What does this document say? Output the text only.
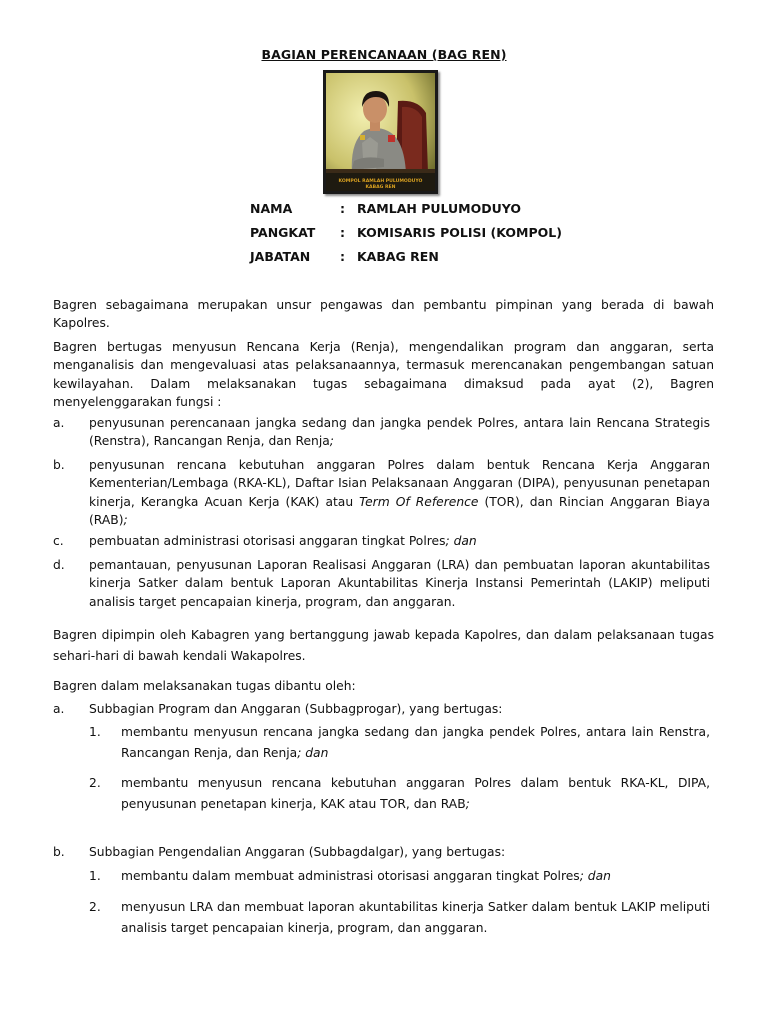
BAGIAN PERENCANAAN (BAG REN)
KOMPOL RAMLAH PULUMODUYO
KABAG REN
NAMA	: RAMLAH PULUMODUYO
PANGKAT	: KOMISARIS POLISI (KOMPOL)
JABATAN	: KABAG REN
Bagren sebagaimana merupakan unsur pengawas dan pembantu pimpinan yang berada di bawah Kapolres.
Bagren bertugas menyusun Rencana Kerja (Renja), mengendalikan program dan anggaran, serta menganalisis dan mengevaluasi atas pelaksanaannya, termasuk merencanakan pengembangan satuan kewilayahan. Dalam melaksanakan tugas sebagaimana dimaksud pada ayat (2), Bagren menyelenggarakan fungsi :
a. penyusunan perencanaan jangka sedang dan jangka pendek Polres, antara lain Rencana Strategis (Renstra), Rancangan Renja, dan Renja;
b. penyusunan rencana kebutuhan anggaran Polres dalam bentuk Rencana Kerja Anggaran Kementerian/Lembaga (RKA-KL), Daftar Isian Pelaksanaan Anggaran (DIPA), penyusunan penetapan kinerja, Kerangka Acuan Kerja (KAK) atau Term Of Reference (TOR), dan Rincian Anggaran Biaya (RAB);
c. pembuatan administrasi otorisasi anggaran tingkat Polres; dan
d. pemantauan, penyusunan Laporan Realisasi Anggaran (LRA) dan pembuatan laporan akuntabilitas kinerja Satker dalam bentuk Laporan Akuntabilitas Kinerja Instansi Pemerintah (LAKIP) meliputi analisis target pencapaian kinerja, program, dan anggaran.
Bagren dipimpin oleh Kabagren yang bertanggung jawab kepada Kapolres, dan dalam pelaksanaan tugas sehari-hari di bawah kendali Wakapolres.
Bagren dalam melaksanakan tugas dibantu oleh:
a. Subbagian Program dan Anggaran (Subbagprogar), yang bertugas:
1. membantu menyusun rencana jangka sedang dan jangka pendek Polres, antara lain Renstra, Rancangan Renja, dan Renja; dan
2. membantu menyusun rencana kebutuhan anggaran Polres dalam bentuk RKA-KL, DIPA, penyusunan penetapan kinerja, KAK atau TOR, dan RAB;
b. Subbagian Pengendalian Anggaran (Subbagdalgar), yang bertugas:
1. membantu dalam membuat administrasi otorisasi anggaran tingkat Polres; dan
2. menyusun LRA dan membuat laporan akuntabilitas kinerja Satker dalam bentuk LAKIP meliputi analisis target pencapaian kinerja, program, dan anggaran.
